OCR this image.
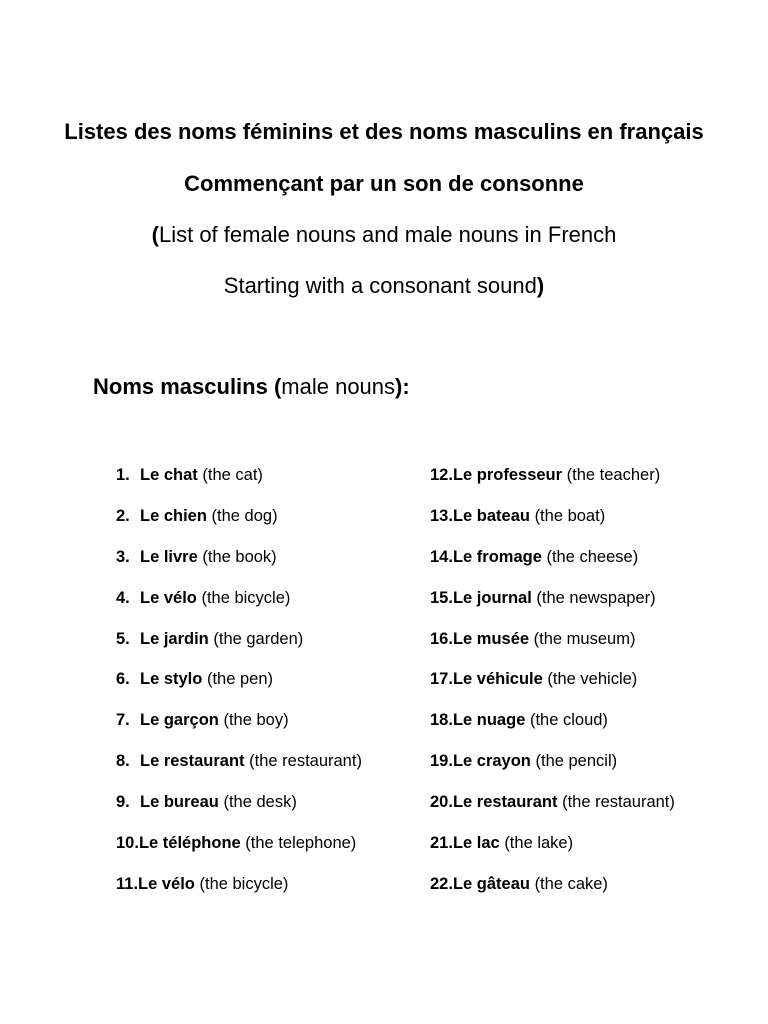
Listes des noms féminins et des noms masculins en français
Commençant par un son de consonne
(List of female nouns and male nouns in French
Starting with a consonant sound)
Noms masculins (male nouns):
1. Le chat (the cat)
2. Le chien (the dog)
3. Le livre (the book)
4. Le vélo (the bicycle)
5. Le jardin (the garden)
6. Le stylo (the pen)
7. Le garçon (the boy)
8. Le restaurant (the restaurant)
9. Le bureau (the desk)
10.Le téléphone (the telephone)
11.Le vélo (the bicycle)
12.Le professeur (the teacher)
13.Le bateau (the boat)
14.Le fromage (the cheese)
15.Le journal (the newspaper)
16.Le musée (the museum)
17.Le véhicule (the vehicle)
18.Le nuage (the cloud)
19.Le crayon (the pencil)
20.Le restaurant (the restaurant)
21.Le lac (the lake)
22.Le gâteau (the cake)
